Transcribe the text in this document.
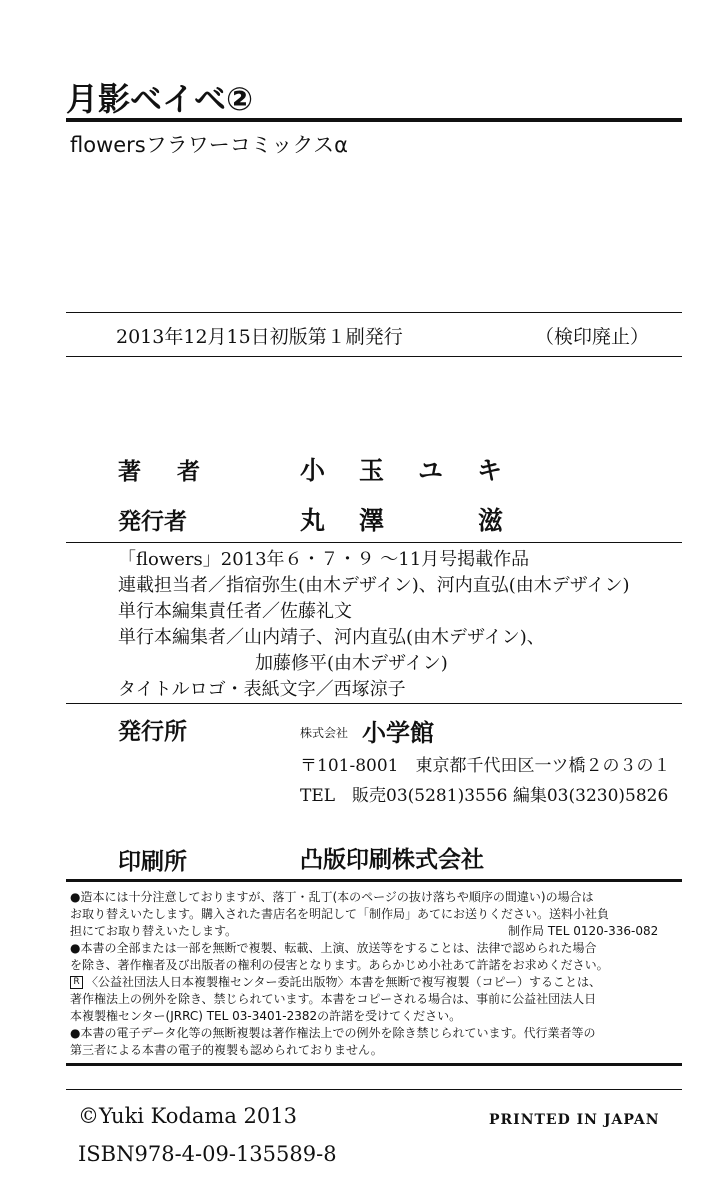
月影ベイベ②
flowersフラワーコミックスα
2013年12月15日初版第１刷発行	（検印廃止）
著 者	小玉ユキ
発行者	丸澤 滋
「flowers」2013年６・７・９ ～11月号掲載作品
連載担当者／指宿弥生(由木デザイン)、河内直弘(由木デザイン)
単行本編集責任者／佐藤礼文
単行本編集者／山内靖子、河内直弘(由木デザイン)、
加藤修平(由木デザイン)
タイトルロゴ・表紙文字／西塚涼子
発行所	株式会社 小学館
〒101-8001　東京都千代田区一ツ橋２の３の１
TEL　販売03(5281)3556 編集03(3230)5826
印刷所	凸版印刷株式会社
●造本には十分注意しておりますが、落丁・乱丁(本のページの抜け落ちや順序の間違い)の場合は
お取り替えいたします。購入された書店名を明記して「制作局」あてにお送りください。送料小社負
担にてお取り替えいたします。	制作局 TEL 0120-336-082
●本書の全部または一部を無断で複製、転載、上演、放送等をすることは、法律で認められた場合
を除き、著作権者及び出版者の権利の侵害となります。あらかじめ小社あて許諾をお求めください。
R 〈公益社団法人日本複製権センター委託出版物〉本書を無断で複写複製（コピー）することは、
著作権法上の例外を除き、禁じられています。本書をコピーされる場合は、事前に公益社団法人日
本複製権センター(JRRC) TEL 03-3401-2382の許諾を受けてください。
●本書の電子データ化等の無断複製は著作権法上での例外を除き禁じられています。代行業者等の
第三者による本書の電子的複製も認められておりません。
©Yuki Kodama 2013	PRINTED IN JAPAN
ISBN978-4-09-135589-8
